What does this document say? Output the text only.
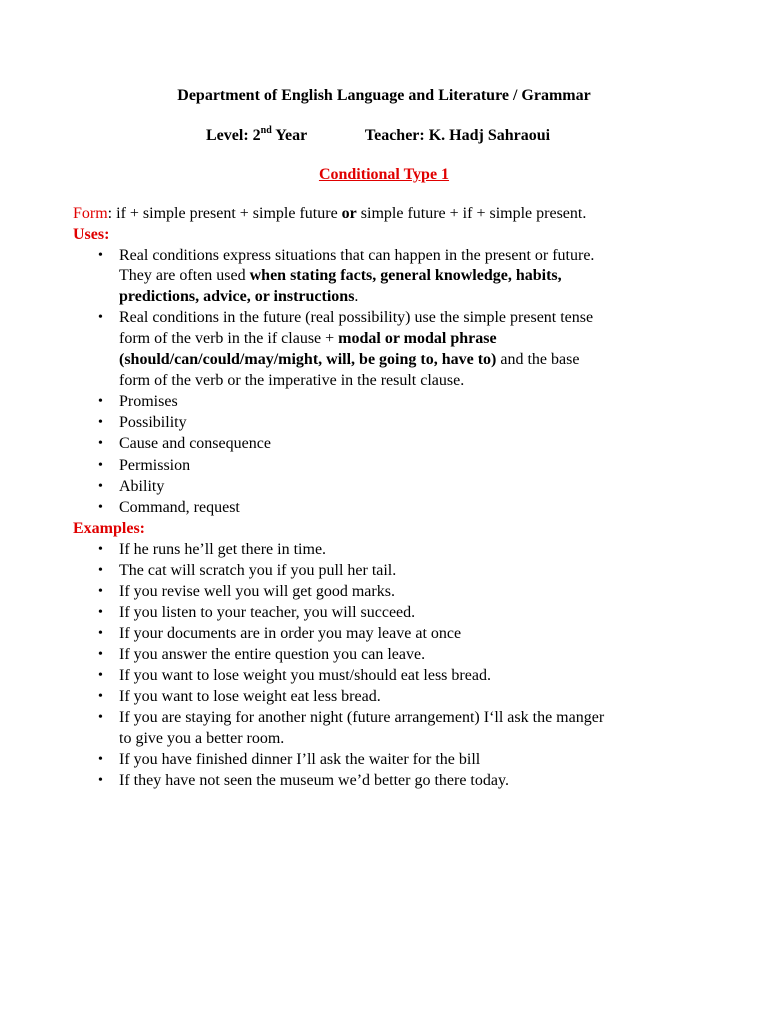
Department of English Language and Literature / Grammar
Level: 2nd Year	Teacher: K. Hadj Sahraoui
Conditional Type 1

Form: if + simple present + simple future or simple future + if + simple present.

Uses:

• Real conditions express situations that can happen in the present or future.
They are often used when stating facts, general knowledge, habits,
predictions, advice, or instructions.
• Real conditions in the future (real possibility) use the simple present tense
form of the verb in the if clause + modal or modal phrase
(should/can/could/may/might, will, be going to, have to) and the base
form of the verb or the imperative in the result clause.
• Promises
• Possibility
• Cause and consequence
• Permission
• Ability
• Command, request

Examples:

• If he runs he’ll get there in time.
• The cat will scratch you if you pull her tail.
• If you revise well you will get good marks.
• If you listen to your teacher, you will succeed.
• If your documents are in order you may leave at once
• If you answer the entire question you can leave.
• If you want to lose weight you must/should eat less bread.
• If you want to lose weight eat less bread.
• If you are staying for another night (future arrangement) I‘ll ask the manger
to give you a better room.
• If you have finished dinner I’ll ask the waiter for the bill
• If they have not seen the museum we’d better go there today.
